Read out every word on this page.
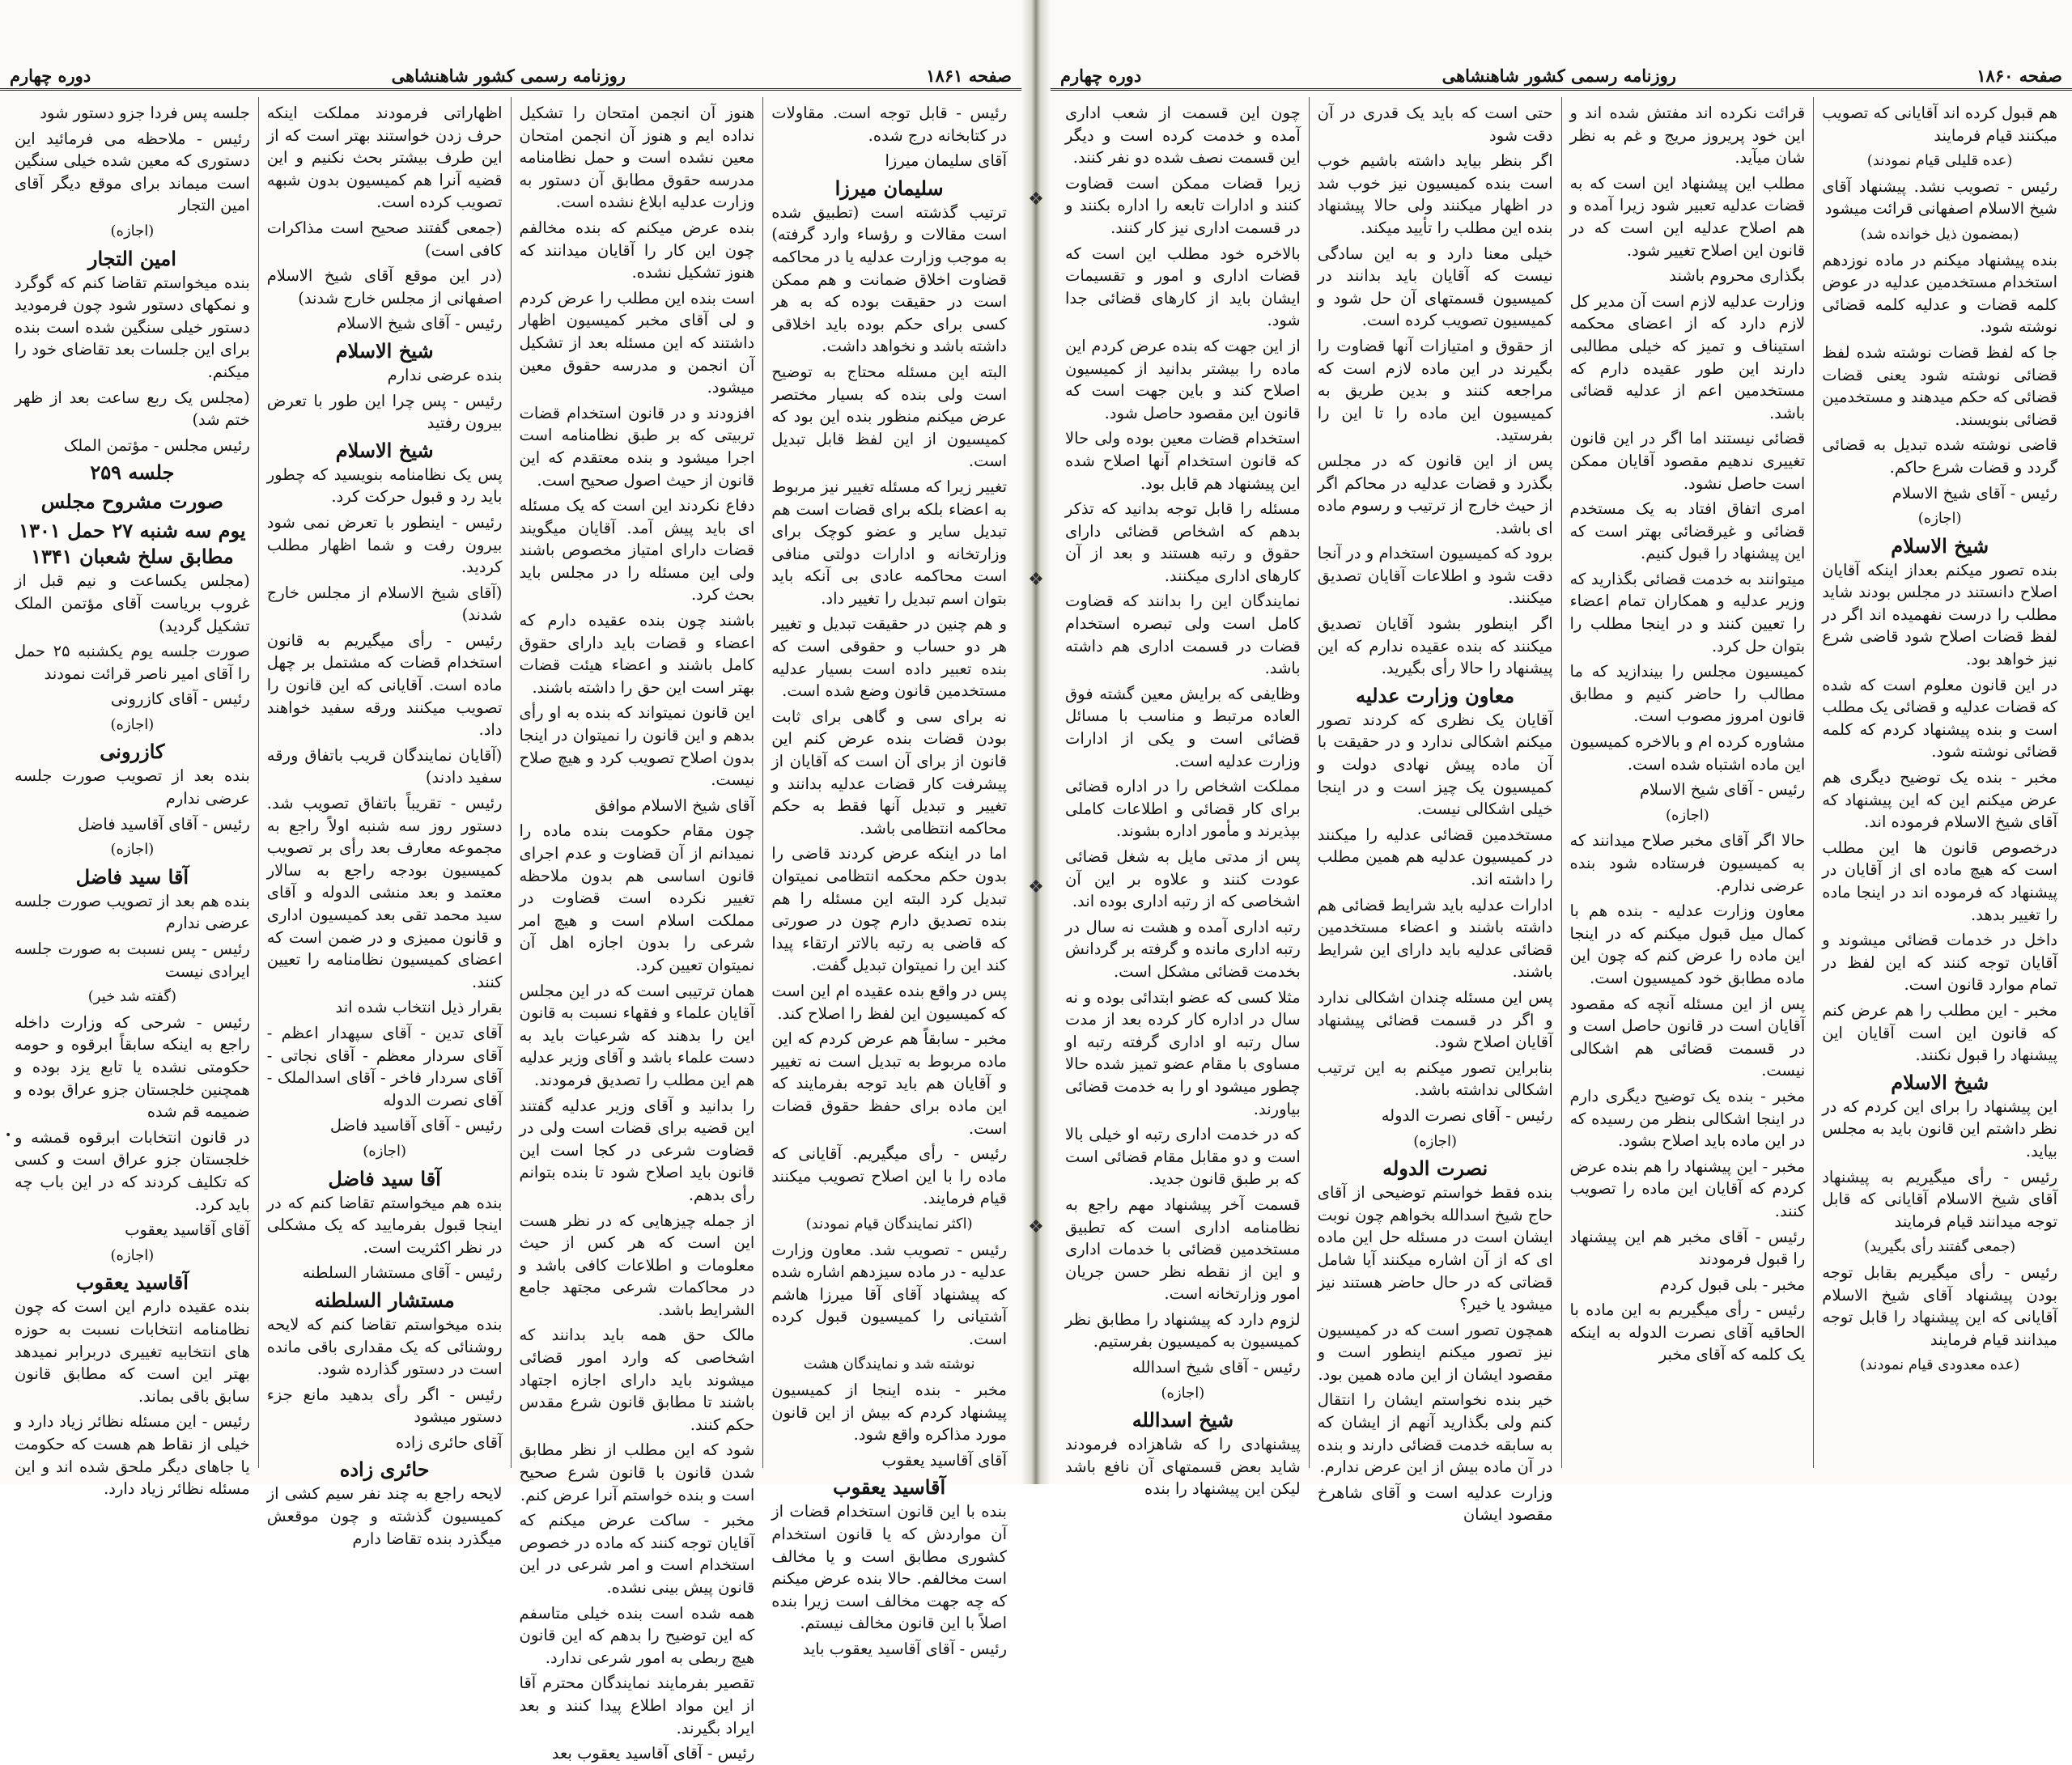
صفحه ۱۸۶۱
روزنامه رسمی کشور شاهنشاهی
دوره چهارم

رئیس - قابل توجه است. مقاولات در کتابخانه درج شده.

آقای سلیمان میرزا

سلیمان میرزا

ترتیب گذشته است (تطبیق شده است مقالات و رؤساء وارد گرفته) به موجب وزارت عدلیه یا در محاکمه قضاوت اخلاق ضمانت و هم ممکن است در حقیقت بوده که به هر کسی برای حکم بوده باید اخلاقی داشته باشد و نخواهد داشت.

البته این مسئله محتاج به توضیح است ولی بنده که بسیار مختصر عرض میکنم منظور بنده این بود که کمیسیون از این لفظ قابل تبدیل است.

تغییر زیرا که مسئله تغییر نیز مربوط به اعضاء بلکه برای قضات است هم تبدیل سایر و عضو کوچک برای وزارتخانه و ادارات دولتی منافی است محاکمه عادی بی آنکه باید بتوان اسم تبدیل را تغییر داد.

و هم چنین در حقیقت تبدیل و تغییر هر دو حساب و حقوقی است که بنده تعبیر داده است بسیار عدلیه مستخدمین قانون وضع شده است.

نه برای سی و گاهی برای ثابت بودن قضات بنده عرض کنم این قانون از برای آن است که آقایان از پیشرفت کار قضات عدلیه بدانند و تغییر و تبدیل آنها فقط به حکم محاکمه انتظامی باشد.

اما در اینکه عرض کردند قاضی را بدون حکم محکمه انتظامی نمیتوان تبدیل کرد البته این مسئله را هم بنده تصدیق دارم چون در صورتی که قاضی به رتبه بالاتر ارتقاء پیدا کند این را نمیتوان تبدیل گفت.

پس در واقع بنده عقیده ام این است که کمیسیون این لفظ را اصلاح کند.

مخبر - سابقاً هم عرض کردم که این ماده مربوط به تبدیل است نه تغییر و آقایان هم باید توجه بفرمایند که این ماده برای حفظ حقوق قضات است.

رئیس - رأی میگیریم. آقایانی که ماده را با این اصلاح تصویب میکنند قیام فرمایند.

(اکثر نمایندگان قیام نمودند)

رئیس - تصویب شد. معاون وزارت عدلیه - در ماده سیزدهم اشاره شده که پیشنهاد آقای آقا میرزا هاشم آشتیانی را کمیسیون قبول کرده است.

نوشته شد و نمایندگان هشت

مخبر - بنده اینجا از کمیسیون پیشنهاد کردم که بیش از این قانون مورد مذاکره واقع شود.

آقای آقاسید یعقوب

آقاسید یعقوب

بنده با این قانون استخدام قضات از آن مواردش که یا قانون استخدام کشوری مطابق است و یا مخالف است مخالفم. حالا بنده عرض میکنم که چه جهت مخالف است زیرا بنده اصلاً با این قانون مخالف نیستم.

رئیس - آقای آقاسید یعقوب باید

هنوز آن انجمن امتحان را تشکیل نداده ایم و هنوز آن انجمن امتحان معین نشده است و حمل نظامنامه مدرسه حقوق مطابق آن دستور به وزارت عدلیه ابلاغ نشده است.

بنده عرض میکنم که بنده مخالفم چون این کار را آقایان میدانند که هنوز تشکیل نشده.

است بنده این مطلب را عرض کردم و لی آقای مخبر کمیسیون اظهار داشتند که این مسئله بعد از تشکیل آن انجمن و مدرسه حقوق معین میشود.

افزودند و در قانون استخدام قضات تربیتی که بر طبق نظامنامه است اجرا میشود و بنده معتقدم که این قانون از حیث اصول صحیح است.

دفاع نکردند این است که یک مسئله ای باید پیش آمد. آقایان میگویند قضات دارای امتیاز مخصوص باشند ولی این مسئله را در مجلس باید بحث کرد.

باشند چون بنده عقیده دارم که اعضاء و قضات باید دارای حقوق کامل باشند و اعضاء هیئت قضات بهتر است این حق را داشته باشند.

این قانون نمیتواند که بنده به او رأی بدهم و این قانون را نمیتوان در اینجا بدون اصلاح تصویب کرد و هیچ صلاح نیست.

آقای شیخ الاسلام موافق

چون مقام حکومت بنده ماده را نمیدانم از آن قضاوت و عدم اجرای قانون اساسی هم بدون ملاحظه تغییر نکرده است قضاوت در مملکت اسلام است و هیچ امر شرعی را بدون اجازه اهل آن نمیتوان تعیین کرد.

همان ترتیبی است که در این مجلس آقایان علماء و فقهاء نسبت به قانون این را بدهند که شرعیات باید به دست علماء باشد و آقای وزیر عدلیه هم این مطلب را تصدیق فرمودند.

را بدانید و آقای وزیر عدلیه گفتند این قضیه برای قضات است ولی در قضاوت شرعی در کجا است این قانون باید اصلاح شود تا بنده بتوانم رأی بدهم.

از جمله چیزهایی که در نظر هست این است که هر کس از حیث معلومات و اطلاعات کافی باشد و در محاکمات شرعی مجتهد جامع الشرایط باشد.

مالک حق همه باید بدانند که اشخاصی که وارد امور قضائی میشوند باید دارای اجازه اجتهاد باشند تا مطابق قانون شرع مقدس حکم کنند.

شود که این مطلب از نظر مطابق شدن قانون با قانون شرع صحیح است و بنده خواستم آنرا عرض کنم.

مخبر - ساکت عرض میکنم که آقایان توجه کنند که ماده در خصوص استخدام است و امر شرعی در این قانون پیش بینی نشده.

همه شده است بنده خیلی متاسفم که این توضیح را بدهم که این قانون هیچ ربطی به امور شرعی ندارد.

تقصیر بفرمایند نمایندگان محترم آقا از این مواد اطلاع پیدا کنند و بعد ایراد بگیرند.

رئیس - آقای آقاسید یعقوب بعد

اظهاراتی فرمودند مملکت اینکه حرف زدن خواستند بهتر است که از این طرف بیشتر بحث نکنیم و این قضیه آنرا هم کمیسیون بدون شبهه تصویب کرده است.

(جمعی گفتند صحیح است مذاکرات کافی است)

(در این موقع آقای شیخ الاسلام اصفهانی از مجلس خارج شدند)

رئیس - آقای شیخ الاسلام

شیخ الاسلام

بنده عرضی ندارم

رئیس - پس چرا این طور با تعرض بیرون رفتید

شیخ الاسلام

پس یک نظامنامه بنویسید که چطور باید رد و قبول حرکت کرد.

رئیس - اینطور با تعرض نمی شود بیرون رفت و شما اظهار مطلب کردید.

(آقای شیخ الاسلام از مجلس خارج شدند)

رئیس - رأی میگیریم به قانون استخدام قضات که مشتمل بر چهل ماده است. آقایانی که این قانون را تصویب میکنند ورقه سفید خواهند داد.

(آقایان نمایندگان قریب باتفاق ورقه سفید دادند)

رئیس - تقریباً باتفاق تصویب شد. دستور روز سه شنبه اولاً راجع به مجموعه معارف بعد رأی بر تصویب کمیسیون بودجه راجع به سالار معتمد و بعد منشی الدوله و آقای سید محمد تقی بعد کمیسیون اداری و قانون ممیزی و در ضمن است که اعضای کمیسیون نظامنامه را تعیین کنند.

بقرار ذیل انتخاب شده اند

آقای تدین - آقای سپهدار اعظم - آقای سردار معظم - آقای نجاتی - آقای سردار فاخر - آقای اسدالملک - آقای نصرت الدوله

رئیس - آقای آقاسید فاضل

(اجازه)
آقا سید فاضل

بنده هم میخواستم تقاضا کنم که در اینجا قبول بفرمایید که یک مشکلی در نظر اکثریت است.

رئیس - آقای مستشار السلطنه

مستشار السلطنه

بنده میخواستم تقاضا کنم که لایحه روشنائی که یک مقداری باقی مانده است در دستور گذارده شود.

رئیس - اگر رأی بدهید مانع جزء دستور میشود

آقای حائری زاده

حائری زاده

لایحه راجع به چند نفر سیم کشی از کمیسیون گذشته و چون موقعش میگذرد بنده تقاضا دارم

جلسه پس فردا جزو دستور شود

رئیس - ملاحظه می فرمائید این دستوری که معین شده خیلی سنگین است میماند برای موقع دیگر آقای امین التجار

(اجازه)
امین التجار

بنده میخواستم تقاضا کنم که گوگرد و نمکهای دستور شود چون فرمودید دستور خیلی سنگین شده است بنده برای این جلسات بعد تقاضای خود را میکنم.

(مجلس یک ربع ساعت بعد از ظهر ختم شد)

رئیس مجلس - مؤتمن الملک

جلسه ۲۵۹
صورت مشروح مجلس
یوم سه شنبه ۲۷ حمل ۱۳۰۱ مطابق سلخ شعبان ۱۳۴۱

(مجلس یکساعت و نیم قبل از غروب بریاست آقای مؤتمن الملک تشکیل گردید)

صورت جلسه یوم یکشنبه ۲۵ حمل را آقای امیر ناصر قرائت نمودند

رئیس - آقای کازرونی

(اجازه)
کازرونی

بنده بعد از تصویب صورت جلسه عرضی ندارم

رئیس - آقای آقاسید فاضل

(اجازه)
آقا سید فاضل

بنده هم بعد از تصویب صورت جلسه عرضی ندارم

رئیس - پس نسبت به صورت جلسه ایرادی نیست

(گفته شد خیر)

رئیس - شرحی که وزارت داخله راجع به اینکه سابقاً ابرقوه و حومه حکومتی نشده یا تابع یزد بوده و همچنین خلجستان جزو عراق بوده و ضمیمه قم شده

در قانون انتخابات ابرقوه قمشه و خلجستان جزو عراق است و کسی که تکلیف کردند که در این باب چه باید کرد.

آقای آقاسید یعقوب

(اجازه)
آقاسید یعقوب

بنده عقیده دارم این است که چون نظامنامه انتخابات نسبت به حوزه های انتخابیه تغییری دربرابر نمیدهد بهتر این است که مطابق قانون سابق باقی بماند.

رئیس - این مسئله نظائر زیاد دارد و خیلی از نقاط هم هست که حکومت یا جاهای دیگر ملحق شده اند و این مسئله نظائر زیاد دارد.

❖
❖
❖
❖
صفحه ۱۸۶۰
روزنامه رسمی کشور شاهنشاهی
دوره چهارم

هم قبول کرده اند آقایانی که تصویب میکنند قیام فرمایند

(عده قلیلی قیام نمودند)

رئیس - تصویب نشد. پیشنهاد آقای شیخ الاسلام اصفهانی قرائت میشود

(بمضمون ذیل خوانده شد)

بنده پیشنهاد میکنم در ماده نوزدهم استخدام مستخدمین عدلیه در عوض کلمه قضات و عدلیه کلمه قضائی نوشته شود.

جا که لفظ قضات نوشته شده لفظ قضائی نوشته شود یعنی قضات قضائی که حکم میدهند و مستخدمین قضائی بنویسند.

قاضی نوشته شده تبدیل به قضائی گردد و قضات شرع حاکم.

رئیس - آقای شیخ الاسلام

(اجازه)
شیخ الاسلام

بنده تصور میکنم بعداز اینکه آقایان اصلاح دانستند در مجلس بودند شاید مطلب را درست نفهمیده اند اگر در لفظ قضات اصلاح شود قاضی شرع نیز خواهد بود.

در این قانون معلوم است که شده که قضات عدلیه و قضائی یک مطلب است و بنده پیشنهاد کردم که کلمه قضائی نوشته شود.

مخبر - بنده یک توضیح دیگری هم عرض میکنم این که این پیشنهاد که آقای شیخ الاسلام فرموده اند.

درخصوص قانون ها این مطلب است که هیچ ماده ای از آقایان در پیشنهاد که فرموده اند در اینجا ماده را تغییر بدهد.

داخل در خدمات قضائی میشوند و آقایان توجه کنند که این لفظ در تمام موارد قانون است.

مخبر - این مطلب را هم عرض کنم که قانون این است آقایان این پیشنهاد را قبول نکنند.

شیخ الاسلام

این پیشنهاد را برای این کردم که در نظر داشتم این قانون باید به مجلس بیاید.

رئیس - رأی میگیریم به پیشنهاد آقای شیخ الاسلام آقایانی که قابل توجه میدانند قیام فرمایند

(جمعی گفتند رأی بگیرید)

رئیس - رأی میگیریم بقابل توجه بودن پیشنهاد آقای شیخ الاسلام آقایانی که این پیشنهاد را قابل توجه میدانند قیام فرمایند

(عده معدودی قیام نمودند)

قرائت نکرده اند مفتش شده اند و این خود پریروز مریج و غم به نظر شان میآید.

مطلب این پیشنهاد این است که به قضات عدلیه تعبیر شود زیرا آمده و هم اصلاح عدلیه این است که در قانون این اصلاح تغییر شود.

بگذاری محروم باشند

وزارت عدلیه لازم است آن مدیر کل لازم دارد که از اعضای محکمه استیناف و تمیز که خیلی مطالبی دارند این طور عقیده دارم که مستخدمین اعم از عدلیه قضائی باشد.

قضائی نیستند اما اگر در این قانون تغییری ندهیم مقصود آقایان ممکن است حاصل نشود.

امری اتفاق افتاد به یک مستخدم قضائی و غیرقضائی بهتر است که این پیشنهاد را قبول کنیم.

میتوانند به خدمت قضائی بگذارید که وزیر عدلیه و همکاران تمام اعضاء را تعیین کنند و در اینجا مطلب را بتوان حل کرد.

کمیسیون مجلس را بیندازید که ما مطالب را حاضر کنیم و مطابق قانون امروز مصوب است.

مشاوره کرده ام و بالاخره کمیسیون این ماده اشتباه شده است.

رئیس - آقای شیخ الاسلام

(اجازه)

حالا اگر آقای مخبر صلاح میدانند که به کمیسیون فرستاده شود بنده عرضی ندارم.

معاون وزارت عدلیه - بنده هم با کمال میل قبول میکنم که در اینجا این ماده را عرض کنم که چون این ماده مطابق خود کمیسیون است.

پس از این مسئله آنچه که مقصود آقایان است در قانون حاصل است و در قسمت قضائی هم اشکالی نیست.

مخبر - بنده یک توضیح دیگری دارم در اینجا اشکالی بنظر من رسیده که در این ماده باید اصلاح بشود.

مخبر - این پیشنهاد را هم بنده عرض کردم که آقایان این ماده را تصویب کنند.

رئیس - آقای مخبر هم این پیشنهاد را قبول فرمودند

مخبر - بلی قبول کردم

رئیس - رأی میگیریم به این ماده با الحاقیه آقای نصرت الدوله به اینکه یک کلمه که آقای مخبر

حتی است که باید یک قدری در آن دقت شود

اگر بنظر بیاید داشته باشیم خوب است بنده کمیسیون نیز خوب شد در اظهار میکنند ولی حالا پیشنهاد بنده این مطلب را تأیید میکند.

خیلی معنا دارد و به این سادگی نیست که آقایان باید بدانند در کمیسیون قسمتهای آن حل شود و کمیسیون تصویب کرده است.

از حقوق و امتیازات آنها قضاوت را بگیرند در این ماده لازم است که مراجعه کنند و بدین طریق به کمیسیون این ماده را تا این را بفرستید.

پس از این قانون که در مجلس بگذرد و قضات عدلیه در محاکم اگر از حیث خارج از ترتیب و رسوم ماده ای باشد.

برود که کمیسیون استخدام و در آنجا دقت شود و اطلاعات آقایان تصدیق میکنند.

اگر اینطور بشود آقایان تصدیق میکنند که بنده عقیده ندارم که این پیشنهاد را حالا رأی بگیرید.

معاون وزارت عدلیه

آقایان یک نظری که کردند تصور میکنم اشکالی ندارد و در حقیقت با آن ماده پیش نهادی دولت و کمیسیون یک چیز است و در اینجا خیلی اشکالی نیست.

مستخدمین قضائی عدلیه را میکنند در کمیسیون عدلیه هم همین مطلب را داشته اند.

ادارات عدلیه باید شرایط قضائی هم داشته باشند و اعضاء مستخدمین قضائی عدلیه باید دارای این شرایط باشند.

پس این مسئله چندان اشکالی ندارد و اگر در قسمت قضائی پیشنهاد آقایان اصلاح شود.

بنابراین تصور میکنم به این ترتیب اشکالی نداشته باشد.

رئیس - آقای نصرت الدوله

(اجازه)
نصرت الدوله

بنده فقط خواستم توضیحی از آقای حاج شیخ اسدالله بخواهم چون نوبت ایشان است در مسئله حل این ماده ای که از آن اشاره میکنند آیا شامل قضاتی که در حال حاضر هستند نیز میشود یا خیر؟

همچون تصور است که در کمیسیون نیز تصور میکنم اینطور است و مقصود ایشان از این ماده همین بود.

خیر بنده نخواستم ایشان را انتقال کنم ولی بگذارید آنهم از ایشان که به سابقه خدمت قضائی دارند و بنده در آن ماده بیش از این عرض ندارم.

وزارت عدلیه است و آقای شاهرخ مقصود ایشان

چون این قسمت از شعب اداری آمده و خدمت کرده است و دیگر این قسمت نصف شده دو نفر کنند.

زیرا قضات ممکن است قضاوت کنند و ادارات تابعه را اداره بکنند و در قسمت اداری نیز کار کنند.

بالاخره خود مطلب این است که قضات اداری و امور و تقسیمات ایشان باید از کارهای قضائی جدا شود.

از این جهت که بنده عرض کردم این ماده را بیشتر بدانید از کمیسیون اصلاح کند و باین جهت است که قانون این مقصود حاصل شود.

استخدام قضات معین بوده ولی حالا که قانون استخدام آنها اصلاح شده این پیشنهاد هم قابل بود.

مسئله را قابل توجه بدانید که تذکر بدهم که اشخاص قضائی دارای حقوق و رتبه هستند و بعد از آن کارهای اداری میکنند.

نمایندگان این را بدانند که قضاوت کامل است ولی تبصره استخدام قضات در قسمت اداری هم داشته باشد.

وظایفی که برایش معین گشته فوق العاده مرتبط و مناسب با مسائل قضائی است و یکی از ادارات وزارت عدلیه است.

مملکت اشخاص را در اداره قضائی برای کار قضائی و اطلاعات کاملی بپذیرند و مأمور اداره بشوند.

پس از مدتی مایل به شغل قضائی عودت کنند و علاوه بر این آن اشخاصی که از رتبه اداری بوده اند.

رتبه اداری آمده و هشت نه سال در رتبه اداری مانده و گرفته بر گردانش بخدمت قضائی مشکل است.

مثلا کسی که عضو ابتدائی بوده و نه سال در اداره کار کرده بعد از مدت سال رتبه او اداری گرفته رتبه او مساوی با مقام عضو تمیز شده حالا چطور میشود او را به خدمت قضائی بیاورند.

که در خدمت اداری رتبه او خیلی بالا است و دو مقابل مقام قضائی است که بر طبق قانون جدید.

قسمت آخر پیشنهاد مهم راجع به نظامنامه اداری است که تطبیق مستخدمین قضائی با خدمات اداری و این از نقطه نظر حسن جریان امور وزارتخانه است.

لزوم دارد که پیشنهاد را مطابق نظر کمیسیون به کمیسیون بفرستیم.

رئیس - آقای شیخ اسدالله

(اجازه)
شیخ اسدالله

پیشنهادی را که شاهزاده فرمودند شاید بعض قسمتهای آن نافع باشد لیکن این پیشنهاد را بنده

•
